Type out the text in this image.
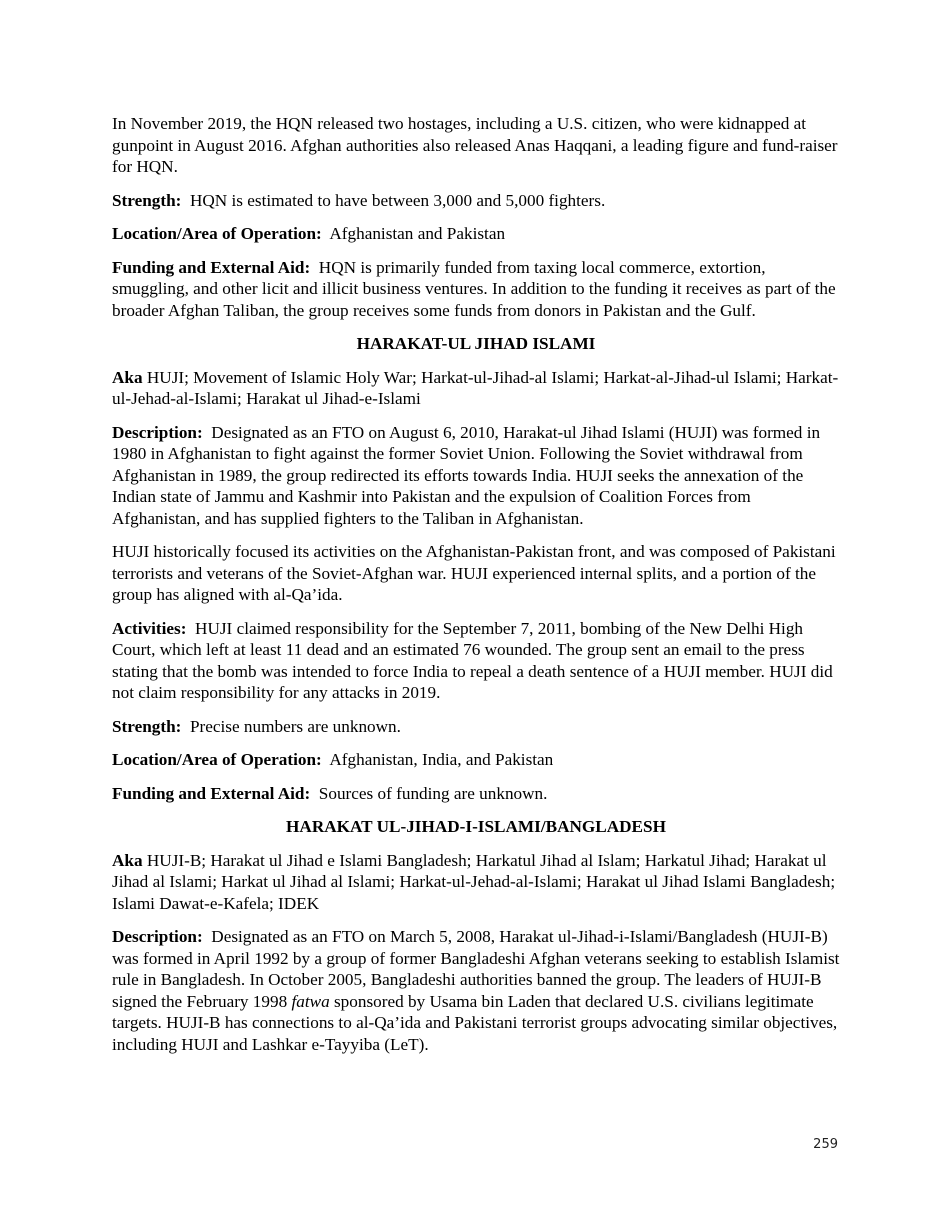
In November 2019, the HQN released two hostages, including a U.S. citizen, who were kidnapped at gunpoint in August 2016. Afghan authorities also released Anas Haqqani, a leading figure and fund-raiser for HQN.

Strength: HQN is estimated to have between 3,000 and 5,000 fighters.

Location/Area of Operation: Afghanistan and Pakistan

Funding and External Aid: HQN is primarily funded from taxing local commerce, extortion, smuggling, and other licit and illicit business ventures. In addition to the funding it receives as part of the broader Afghan Taliban, the group receives some funds from donors in Pakistan and the Gulf.

HARAKAT-UL JIHAD ISLAMI

Aka HUJI; Movement of Islamic Holy War; Harkat-ul-Jihad-al Islami; Harkat-al-Jihad-ul Islami; Harkat-ul-Jehad-al-Islami; Harakat ul Jihad-e-Islami

Description: Designated as an FTO on August 6, 2010, Harakat-ul Jihad Islami (HUJI) was formed in 1980 in Afghanistan to fight against the former Soviet Union. Following the Soviet withdrawal from Afghanistan in 1989, the group redirected its efforts towards India. HUJI seeks the annexation of the Indian state of Jammu and Kashmir into Pakistan and the expulsion of Coalition Forces from Afghanistan, and has supplied fighters to the Taliban in Afghanistan.

HUJI historically focused its activities on the Afghanistan-Pakistan front, and was composed of Pakistani terrorists and veterans of the Soviet-Afghan war. HUJI experienced internal splits, and a portion of the group has aligned with al-Qa’ida.

Activities: HUJI claimed responsibility for the September 7, 2011, bombing of the New Delhi High Court, which left at least 11 dead and an estimated 76 wounded. The group sent an email to the press stating that the bomb was intended to force India to repeal a death sentence of a HUJI member. HUJI did not claim responsibility for any attacks in 2019.

Strength: Precise numbers are unknown.

Location/Area of Operation: Afghanistan, India, and Pakistan

Funding and External Aid: Sources of funding are unknown.

HARAKAT UL-JIHAD-I-ISLAMI/BANGLADESH

Aka HUJI-B; Harakat ul Jihad e Islami Bangladesh; Harkatul Jihad al Islam; Harkatul Jihad; Harakat ul Jihad al Islami; Harkat ul Jihad al Islami; Harkat-ul-Jehad-al-Islami; Harakat ul Jihad Islami Bangladesh; Islami Dawat-e-Kafela; IDEK

Description: Designated as an FTO on March 5, 2008, Harakat ul-Jihad-i-Islami/Bangladesh (HUJI-B) was formed in April 1992 by a group of former Bangladeshi Afghan veterans seeking to establish Islamist rule in Bangladesh. In October 2005, Bangladeshi authorities banned the group. The leaders of HUJI-B signed the February 1998 fatwa sponsored by Usama bin Laden that declared U.S. civilians legitimate targets. HUJI-B has connections to al-Qa’ida and Pakistani terrorist groups advocating similar objectives, including HUJI and Lashkar e-Tayyiba (LeT).

259
